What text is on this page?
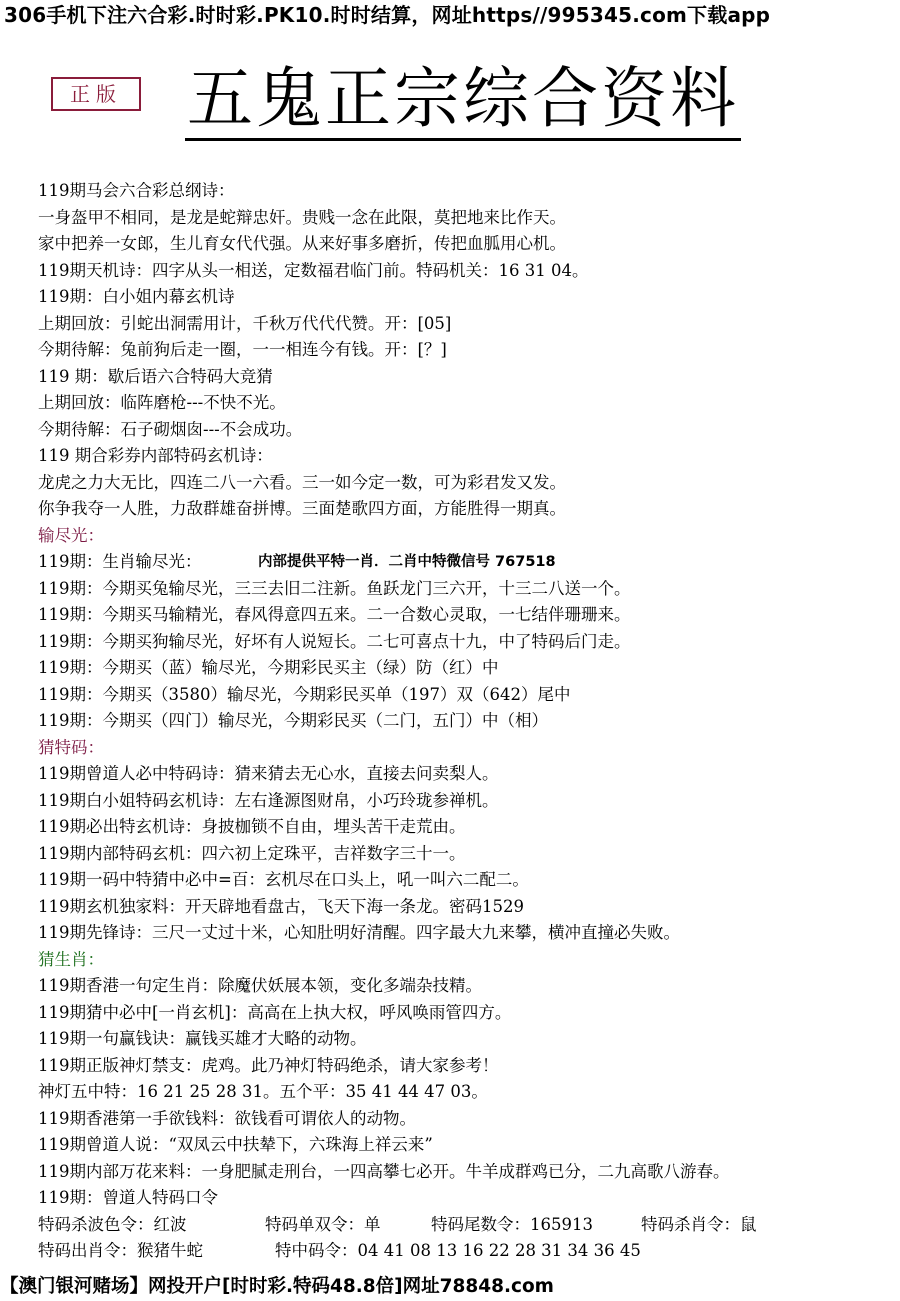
306手机下注六合彩.时时彩.PK10.时时结算，网址https//995345.com下载app
正版 五鬼正宗综合资料
119期马会六合彩总纲诗：
一身盔甲不相同，是龙是蛇辩忠奸。贵贱一念在此限，莫把地来比作天。
家中把养一女郎，生儿育女代代强。从来好事多磨折，传把血胍用心机。
119期天机诗：四字从头一相送，定数福君临门前。特码机关：16 31 04。
119期：白小姐内幕玄机诗
上期回放：引蛇出洞需用计，千秋万代代代赞。开：[05]
今期待解：兔前狗后走一圈，一一相连今有钱。开：[？]
119 期：歇后语六合特码大竞猜
上期回放：临阵磨枪---不快不光。
今期待解：石子砌烟囱---不会成功。
119 期合彩券内部特码玄机诗：
龙虎之力大无比，四连二八一六看。三一如今定一数，可为彩君发又发。
你争我夺一人胜，力敌群雄奋拼博。三面楚歌四方面，方能胜得一期真。
输尽光：
119期：生肖输尽光：	内部提供平特一肖．二肖中特微信号 767518
119期：今期买兔输尽光，三三去旧二注新。鱼跃龙门三六开，十三二八送一个。
119期：今期买马输精光，春风得意四五来。二一合数心灵取，一七结伴珊珊来。
119期：今期买狗输尽光，好坏有人说短长。二七可喜点十九，中了特码后门走。
119期：今期买（蓝）输尽光，今期彩民买主（绿）防（红）中
119期：今期买（3580）输尽光，今期彩民买单（197）双（642）尾中
119期：今期买（四门）输尽光，今期彩民买（二门，五门）中（相）
猜特码：
119期曾道人必中特码诗：猜来猜去无心水，直接去问卖梨人。
119期白小姐特码玄机诗：左右逢源图财帛，小巧玲珑参禅机。
119期必出特玄机诗：身披枷锁不自由，埋头苦干走荒由。
119期内部特码玄机：四六初上定珠平，吉祥数字三十一。
119期一码中特猜中必中=百：玄机尽在口头上，吼一叫六二配二。
119期玄机独家料：开天辟地看盘古，飞天下海一条龙。密码1529
119期先锋诗：三尺一丈过十米，心知肚明好清醒。四字最大九来攀，横冲直撞必失败。
猜生肖：
119期香港一句定生肖：除魔伏妖展本领，变化多端杂技精。
119期猜中必中[一肖玄机]：高高在上执大权，呼风唤雨管四方。
119期一句赢钱诀：赢钱买雄才大略的动物。
119期正版神灯禁支：虎鸡。此乃神灯特码绝杀，请大家参考！
神灯五中特：16 21 25 28 31。五个平：35 41 44 47 03。
119期香港第一手欲钱料：欲钱看可谓依人的动物。
119期曾道人说：“双凤云中扶辇下，六珠海上祥云来”
119期内部万花来料：一身肥腻走刑台，一四高攀七必开。牛羊成群鸡已分，二九高歌八游春。
119期：曾道人特码口令
特码杀波色令：红波	特码单双令：单	特码尾数令：165913	特码杀肖令：鼠
特码出肖令：猴猪牛蛇	特中码令：04 41 08 13 16 22 28 31 34 36 45
【澳门银河赌场】网投开户[时时彩.特码48.8倍]网址78848.com
